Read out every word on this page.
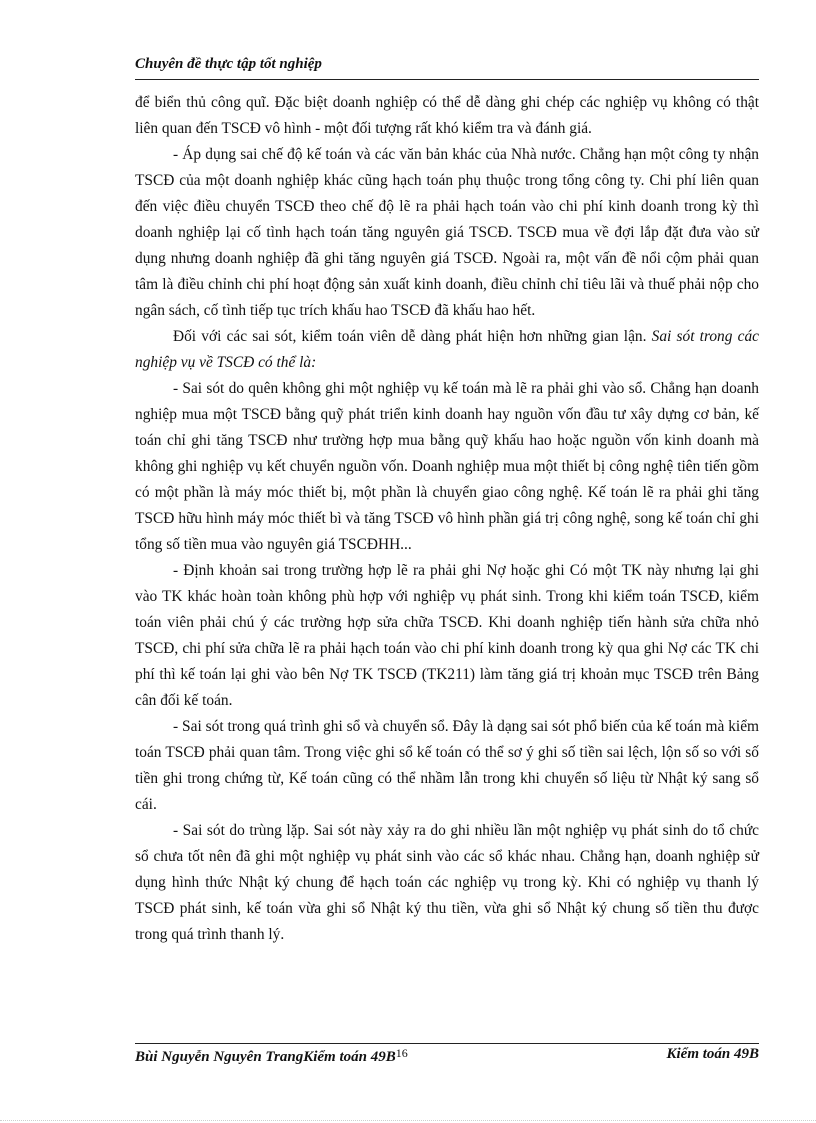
Chuyên đề thực tập tốt nghiệp

để biển thủ công quĩ. Đặc biệt doanh nghiệp có thể dễ dàng ghi chép các nghiệp vụ không có thật liên quan đến TSCĐ vô hình - một đối tượng rất khó kiểm tra và đánh giá.

- Áp dụng sai chế độ kế toán và các văn bản khác của Nhà nước. Chẳng hạn một công ty nhận TSCĐ của một doanh nghiệp khác cũng hạch toán phụ thuộc trong tổng công ty. Chi phí liên quan đến việc điều chuyển TSCĐ theo chế độ lẽ ra phải hạch toán vào chi phí kinh doanh trong kỳ thì doanh nghiệp lại cố tình hạch toán tăng nguyên giá TSCĐ. TSCĐ mua về đợi lắp đặt đưa vào sử dụng nhưng doanh nghiệp đã ghi tăng nguyên giá TSCĐ. Ngoài ra, một vấn đề nổi cộm phải quan tâm là điều chỉnh chi phí hoạt động sản xuất kinh doanh, điều chỉnh chỉ tiêu lãi và thuế phải nộp cho ngân sách, cố tình tiếp tục trích khấu hao TSCĐ đã khấu hao hết.

Đối với các sai sót, kiểm toán viên dễ dàng phát hiện hơn những gian lận. Sai sót trong các nghiệp vụ về TSCĐ có thể là:

- Sai sót do quên không ghi một nghiệp vụ kế toán mà lẽ ra phải ghi vào sổ. Chẳng hạn doanh nghiệp mua một TSCĐ bằng quỹ phát triển kinh doanh hay nguồn vốn đầu tư xây dựng cơ bản, kế toán chỉ ghi tăng TSCĐ như trường hợp mua bằng quỹ khấu hao hoặc nguồn vốn kinh doanh mà không ghi nghiệp vụ kết chuyển nguồn vốn. Doanh nghiệp mua một thiết bị công nghệ tiên tiến gồm có một phần là máy móc thiết bị, một phần là chuyển giao công nghệ. Kế toán lẽ ra phải ghi tăng TSCĐ hữu hình máy móc thiết bì và tăng TSCĐ vô hình phần giá trị công nghệ, song kế toán chỉ ghi tổng số tiền mua vào nguyên giá TSCĐHH...

- Định khoản sai trong trường hợp lẽ ra phải ghi Nợ hoặc ghi Có một TK này nhưng lại ghi vào TK khác hoàn toàn không phù hợp với nghiệp vụ phát sinh. Trong khi kiểm toán TSCĐ, kiểm toán viên phải chú ý các trường hợp sửa chữa TSCĐ. Khi doanh nghiệp tiến hành sửa chữa nhỏ TSCĐ, chi phí sửa chữa lẽ ra phải hạch toán vào chi phí kinh doanh trong kỳ qua ghi Nợ các TK chi phí thì kế toán lại ghi vào bên Nợ TK TSCĐ (TK211) làm tăng giá trị khoản mục TSCĐ trên Bảng cân đối kế toán.

- Sai sót trong quá trình ghi sổ và chuyển sổ. Đây là dạng sai sót phổ biến của kế toán mà kiểm toán TSCĐ phải quan tâm. Trong việc ghi sổ kế toán có thể sơ ý ghi số tiền sai lệch, lộn số so với số tiền ghi trong chứng từ, Kế toán cũng có thể nhầm lẫn trong khi chuyển số liệu từ Nhật ký sang sổ cái.

- Sai sót do trùng lặp. Sai sót này xảy ra do ghi nhiều lần một nghiệp vụ phát sinh do tổ chức sổ chưa tốt nên đã ghi một nghiệp vụ phát sinh vào các sổ khác nhau. Chẳng hạn, doanh nghiệp sử dụng hình thức Nhật ký chung để hạch toán các nghiệp vụ trong kỳ. Khi có nghiệp vụ thanh lý TSCĐ phát sinh, kế toán vừa ghi sổ Nhật ký thu tiền, vừa ghi sổ Nhật ký chung số tiền thu được trong quá trình thanh lý.

Bùi Nguyễn Nguyên TrangKiểm toán $49B^{16}$	Kiểm toán 49B
